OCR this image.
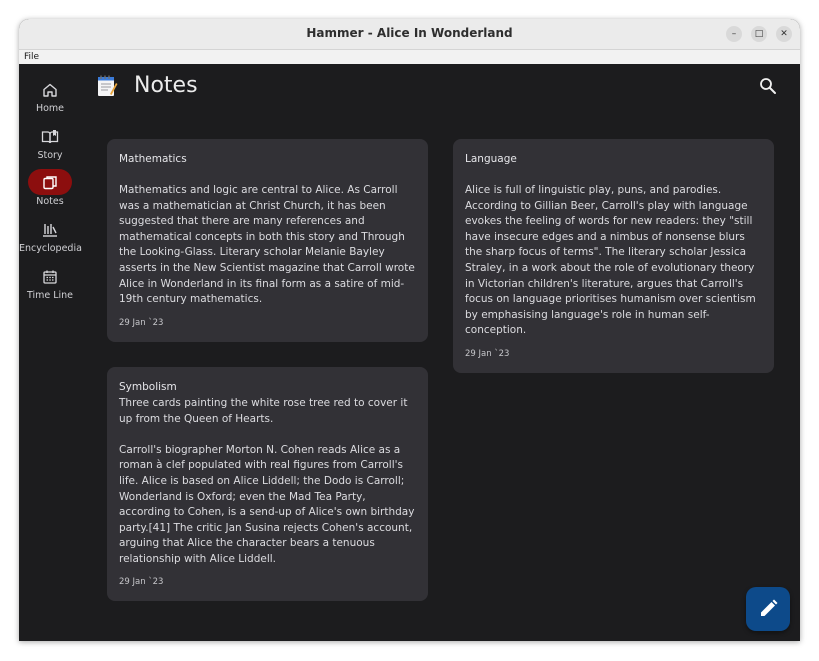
Hammer - Alice In Wonderland	–	□	✕
File
Home
Story
Notes
Encyclopedia
Time Line
Notes
Mathematics
Mathematics and logic are central to Alice. As Carroll was a mathematician at Christ Church, it has been suggested that there are many references and mathematical concepts in both this story and Through the Looking-Glass. Literary scholar Melanie Bayley asserts in the New Scientist magazine that Carroll wrote Alice in Wonderland in its final form as a satire of mid-19th century mathematics.
29 Jan `23
Language
Alice is full of linguistic play, puns, and parodies. According to Gillian Beer, Carroll's play with language evokes the feeling of words for new readers: they "still have insecure edges and a nimbus of nonsense blurs the sharp focus of terms". The literary scholar Jessica Straley, in a work about the role of evolutionary theory in Victorian children's literature, argues that Carroll's focus on language prioritises humanism over scientism by emphasising language's role in human self-conception.
29 Jan `23
Symbolism
Three cards painting the white rose tree red to cover it up from the Queen of Hearts.

Carroll's biographer Morton N. Cohen reads Alice as a roman à clef populated with real figures from Carroll's life. Alice is based on Alice Liddell; the Dodo is Carroll; Wonderland is Oxford; even the Mad Tea Party, according to Cohen, is a send-up of Alice's own birthday party.[41] The critic Jan Susina rejects Cohen's account, arguing that Alice the character bears a tenuous relationship with Alice Liddell.
29 Jan `23
